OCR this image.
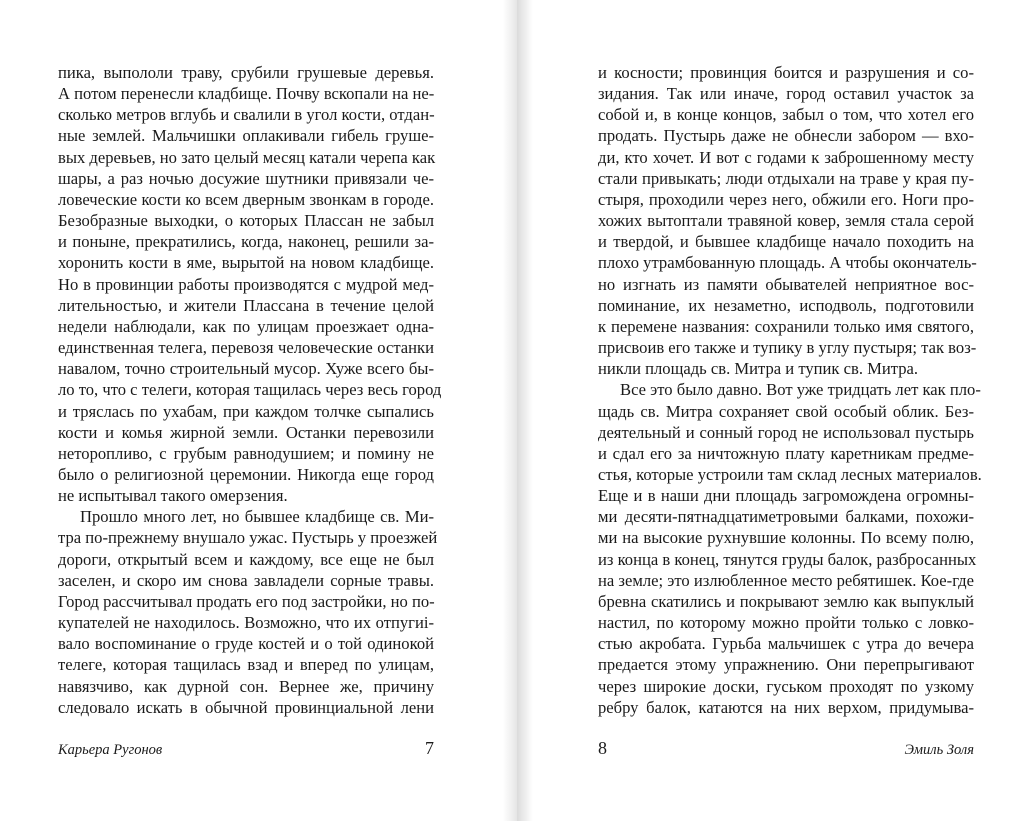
пика, выпололи траву, срубили грушевые деревья.
А потом перенесли кладбище. Почву вскопали на не-
сколько метров вглубь и свалили в угол кости, отдан-
ные землей. Мальчишки оплакивали гибель груше-
вых деревьев, но зато целый месяц катали черепа как
шары, а раз ночью досужие шутники привязали че-
ловеческие кости ко всем дверным звонкам в городе.
Безобразные выходки, о которых Плассан не забыл
и поныне, прекратились, когда, наконец, решили за-
хоронить кости в яме, вырытой на новом кладбище.
Но в провинции работы производятся с мудрой мед-
лительностью, и жители Плассана в течение целой
недели наблюдали, как по улицам проезжает одна-
единственная телега, перевозя человеческие останки
навалом, точно строительный мусор. Хуже всего бы-
ло то, что с телеги, которая тащилась через весь город
и тряслась по ухабам, при каждом толчке сыпались
кости и комья жирной земли. Останки перевозили
неторопливо, с грубым равнодушием; и помину не
было о религиозной церемонии. Никогда еще город
не испытывал такого омерзения.
Прошло много лет, но бывшее кладбище св. Ми-
тра по-прежнему внушало ужас. Пустырь у проезжей
дороги, открытый всем и каждому, все еще не был
заселен, и скоро им снова завладели сорные травы.
Город рассчитывал продать его под застройки, но по-
купателей не находилось. Возможно, что их отпугиі-
вало воспоминание о груде костей и о той одинокой
телеге, которая тащилась взад и вперед по улицам,
навязчиво, как дурной сон. Вернее же, причину
следовало искать в обычной провинциальной лени
Карьера Ругонов	7
и косности; провинция боится и разрушения и со-
зидания. Так или иначе, город оставил участок за
собой и, в конце концов, забыл о том, что хотел его
продать. Пустырь даже не обнесли забором — вхо-
ди, кто хочет. И вот с годами к заброшенному месту
стали привыкать; люди отдыхали на траве у края пу-
стыря, проходили через него, обжили его. Ноги про-
хожих вытоптали травяной ковер, земля стала серой
и твердой, и бывшее кладбище начало походить на
плохо утрамбованную площадь. А чтобы окончатель-
но изгнать из памяти обывателей неприятное вос-
поминание, их незаметно, исподволь, подготовили
к перемене названия: сохранили только имя святого,
присвоив его также и тупику в углу пустыря; так воз-
никли площадь св. Митра и тупик св. Митра.
Все это было давно. Вот уже тридцать лет как пло-
щадь св. Митра сохраняет свой особый облик. Без-
деятельный и сонный город не использовал пустырь
и сдал его за ничтожную плату каретникам предме-
стья, которые устроили там склад лесных материалов.
Еще и в наши дни площадь загромождена огромны-
ми десяти-пятнадцатиметровыми балками, похожи-
ми на высокие рухнувшие колонны. По всему полю,
из конца в конец, тянутся груды балок, разбросанных
на земле; это излюбленное место ребятишек. Кое-где
бревна скатились и покрывают землю как выпуклый
настил, по которому можно пройти только с ловко-
стью акробата. Гурьба мальчишек с утра до вечера
предается этому упражнению. Они перепрыгивают
через широкие доски, гуськом проходят по узкому
ребру балок, катаются на них верхом, придумыва-
8	Эмиль Золя
